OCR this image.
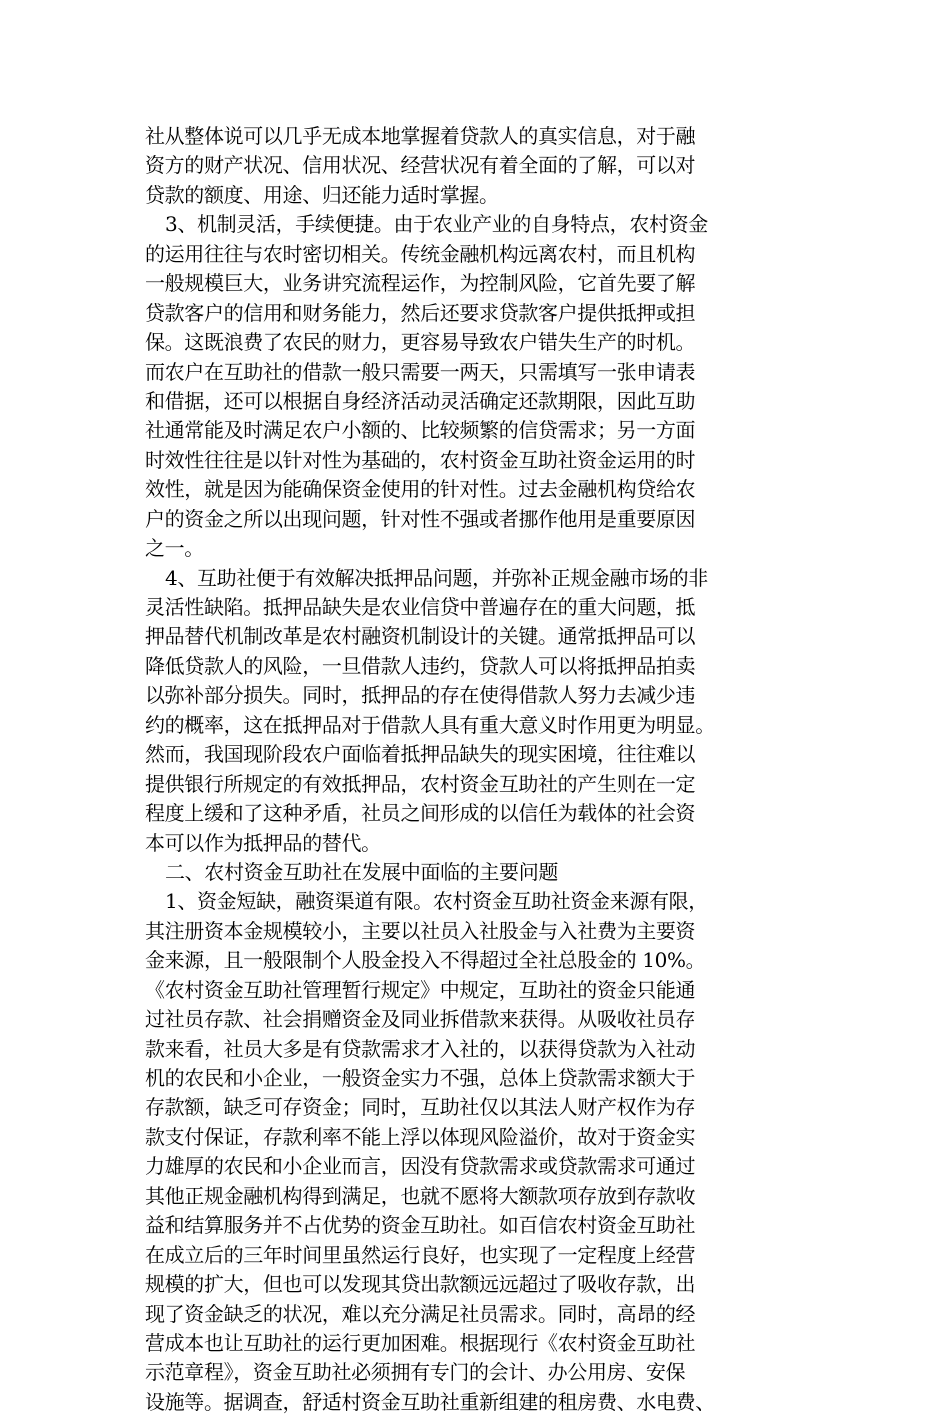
社从整体说可以几乎无成本地掌握着贷款人的真实信息，对于融
资方的财产状况、信用状况、经营状况有着全面的了解，可以对
贷款的额度、用途、归还能力适时掌握。
3、机制灵活，手续便捷。由于农业产业的自身特点，农村资金
的运用往往与农时密切相关。传统金融机构远离农村，而且机构
一般规模巨大，业务讲究流程运作，为控制风险，它首先要了解
贷款客户的信用和财务能力，然后还要求贷款客户提供抵押或担
保。这既浪费了农民的财力，更容易导致农户错失生产的时机。
而农户在互助社的借款一般只需要一两天，只需填写一张申请表
和借据，还可以根据自身经济活动灵活确定还款期限，因此互助
社通常能及时满足农户小额的、比较频繁的信贷需求；另一方面
时效性往往是以针对性为基础的，农村资金互助社资金运用的时
效性，就是因为能确保资金使用的针对性。过去金融机构贷给农
户的资金之所以出现问题，针对性不强或者挪作他用是重要原因
之一。
4、互助社便于有效解决抵押品问题，并弥补正规金融市场的非
灵活性缺陷。抵押品缺失是农业信贷中普遍存在的重大问题，抵
押品替代机制改革是农村融资机制设计的关键。通常抵押品可以
降低贷款人的风险，一旦借款人违约，贷款人可以将抵押品拍卖
以弥补部分损失。同时，抵押品的存在使得借款人努力去减少违
约的概率，这在抵押品对于借款人具有重大意义时作用更为明显。
然而，我国现阶段农户面临着抵押品缺失的现实困境，往往难以
提供银行所规定的有效抵押品，农村资金互助社的产生则在一定
程度上缓和了这种矛盾，社员之间形成的以信任为载体的社会资
本可以作为抵押品的替代。
二、农村资金互助社在发展中面临的主要问题
1、资金短缺，融资渠道有限。农村资金互助社资金来源有限，
其注册资本金规模较小，主要以社员入社股金与入社费为主要资
金来源，且一般限制个人股金投入不得超过全社总股金的 10%。
《农村资金互助社管理暂行规定》中规定，互助社的资金只能通
过社员存款、社会捐赠资金及同业拆借款来获得。从吸收社员存
款来看，社员大多是有贷款需求才入社的，以获得贷款为入社动
机的农民和小企业，一般资金实力不强，总体上贷款需求额大于
存款额，缺乏可存资金；同时，互助社仅以其法人财产权作为存
款支付保证，存款利率不能上浮以体现风险溢价，故对于资金实
力雄厚的农民和小企业而言，因没有贷款需求或贷款需求可通过
其他正规金融机构得到满足，也就不愿将大额款项存放到存款收
益和结算服务并不占优势的资金互助社。如百信农村资金互助社
在成立后的三年时间里虽然运行良好，也实现了一定程度上经营
规模的扩大，但也可以发现其贷出款额远远超过了吸收存款，出
现了资金缺乏的状况，难以充分满足社员需求。同时，高昂的经
营成本也让互助社的运行更加困难。根据现行《农村资金互助社
示范章程》，资金互助社必须拥有专门的会计、办公用房、安保
设施等。据调查，舒适村资金互助社重新组建的租房费、水电费、
